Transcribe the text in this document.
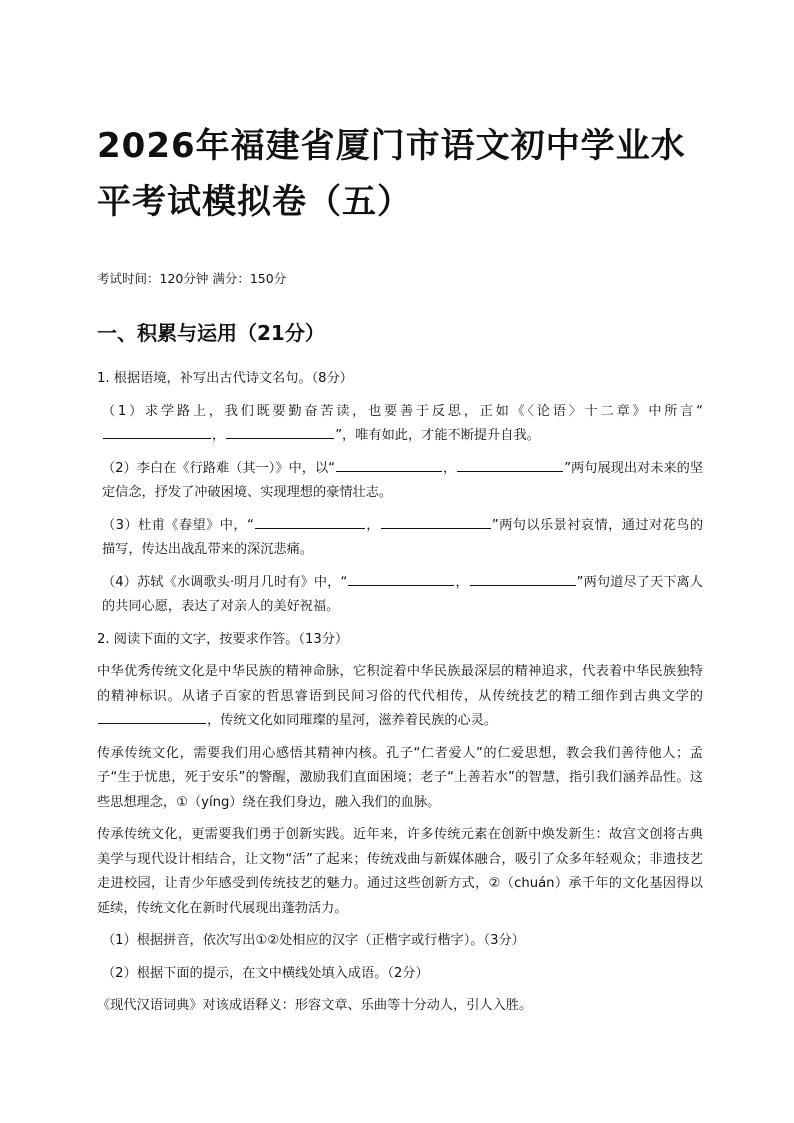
2026年福建省厦门市语文初中学业水平考试模拟卷（五）
考试时间：120分钟 满分：150分
一、积累与运用（21分）

1. 根据语境，补写出古代诗文名句。（8分）

（1）求学路上，我们既要勤奋苦读，也要善于反思，正如《〈论语〉十二章》中所言“，	”，唯有如此，才能不断提升自我。

（2）李白在《行路难（其一）》中，以“	，	”两句展现出对未来的坚定信念，抒发了冲破困境、实现理想的豪情壮志。

（3）杜甫《春望》中，“	，	”两句以乐景衬哀情，通过对花鸟的描写，传达出战乱带来的深沉悲痛。

（4）苏轼《水调歌头·明月几时有》中，“	，	”两句道尽了天下离人的共同心愿，表达了对亲人的美好祝福。

2. 阅读下面的文字，按要求作答。（13分）

中华优秀传统文化是中华民族的精神命脉，它积淀着中华民族最深层的精神追求，代表着中华民族独特的精神标识。从诸子百家的哲思睿语到民间习俗的代代相传，从传统技艺的精工细作到古典文学的，传统文化如同璀璨的星河，滋养着民族的心灵。

传承传统文化，需要我们用心感悟其精神内核。孔子“仁者爱人”的仁爱思想，教会我们善待他人；孟子“生于忧患，死于安乐”的警醒，激励我们直面困境；老子“上善若水”的智慧，指引我们涵养品性。这些思想理念，①（yíng）绕在我们身边，融入我们的血脉。

传承传统文化，更需要我们勇于创新实践。近年来，许多传统元素在创新中焕发新生：故宫文创将古典美学与现代设计相结合，让文物“活”了起来；传统戏曲与新媒体融合，吸引了众多年轻观众；非遗技艺走进校园，让青少年感受到传统技艺的魅力。通过这些创新方式，②（chuán）承千年的文化基因得以延续，传统文化在新时代展现出蓬勃活力。

（1）根据拼音，依次写出①②处相应的汉字（正楷字或行楷字）。（3分）

（2）根据下面的提示，在文中横线处填入成语。（2分）

《现代汉语词典》对该成语释义：形容文章、乐曲等十分动人，引人入胜。
